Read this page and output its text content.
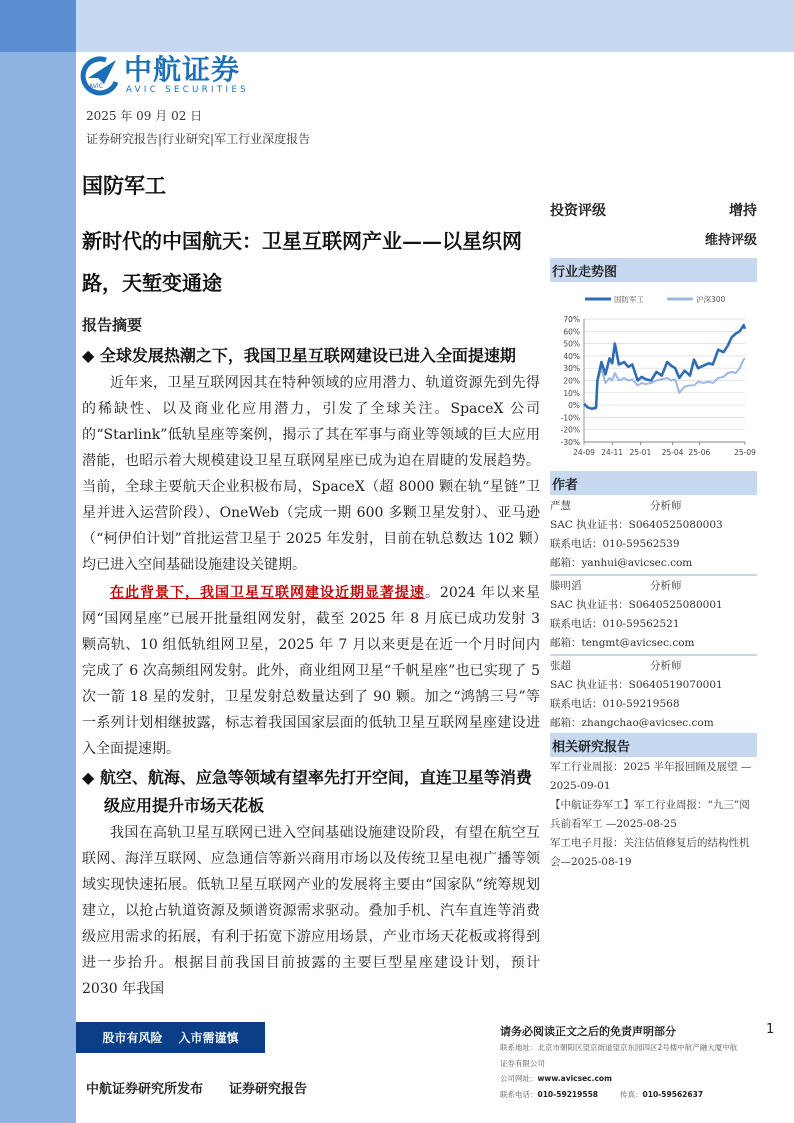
AVIC
中航证券
AVIC SECURITIES
2025 年 09 月 02 日
证券研究报告|行业研究|军工行业深度报告
国防军工
新时代的中国航天：卫星互联网产业——以星织网路，天堑变通途
报告摘要
◆ 全球发展热潮之下，我国卫星互联网建设已进入全面提速期
近年来，卫星互联网因其在特种领域的应用潜力、轨道资源先到先得的稀缺性、以及商业化应用潜力，引发了全球关注。SpaceX 公司的“Starlink”低轨星座等案例，揭示了其在军事与商业等领域的巨大应用潜能，也昭示着大规模建设卫星互联网星座已成为迫在眉睫的发展趋势。当前，全球主要航天企业积极布局，SpaceX（超 8000 颗在轨“星链”卫星并进入运营阶段）、OneWeb（完成一期 600 多颗卫星发射）、亚马逊（“柯伊伯计划”首批运营卫星于 2025 年发射，目前在轨总数达 102 颗）均已进入空间基础设施建设关键期。
在此背景下，我国卫星互联网建设近期显著提速。2024 年以来星网“国网星座”已展开批量组网发射，截至 2025 年 8 月底已成功发射 3 颗高轨、10 组低轨组网卫星，2025 年 7 月以来更是在近一个月时间内完成了 6 次高频组网发射。此外，商业组网卫星“千帆星座”也已实现了 5 次一箭 18 星的发射，卫星发射总数量达到了 90 颗。加之“鸿鹄三号”等一系列计划相继披露，标志着我国国家层面的低轨卫星互联网星座建设进入全面提速期。
◆ 航空、航海、应急等领域有望率先打开空间，直连卫星等消费级应用提升市场天花板
我国在高轨卫星互联网已进入空间基础设施建设阶段，有望在航空互联网、海洋互联网、应急通信等新兴商用市场以及传统卫星电视广播等领域实现快速拓展。低轨卫星互联网产业的发展将主要由“国家队”统筹规划建立，以抢占轨道资源及频谱资源需求驱动。叠加手机、汽车直连等消费级应用需求的拓展，有利于拓宽下游应用场景，产业市场天花板或将得到进一步抬升。根据目前我国目前披露的主要巨型星座建设计划，预计 2030 年我国
投资评级	增持
维持评级
行业走势图
-30%
-20%
-10%
0%
10%
20%
30%
40%
50%
60%
70%
24-09 24-11 25-01 25-04 25-06	25-09
国防军工	沪深300
作者
严慧	分析师
SAC 执业证书：S0640525080003
联系电话：010-59562539
邮箱：yanhui@avicsec.com
滕明滔	分析师
SAC 执业证书：S0640525080001
联系电话：010-59562521
邮箱：tengmt@avicsec.com
张超	分析师
SAC 执业证书：S0640519070001
联系电话：010-59219568
邮箱：zhangchao@avicsec.com
相关研究报告
军工行业周报：2025 半年报回顾及展望 —2025-09-01
【中航证券军工】军工行业周报：“九三”阅兵前看军工 —2025-08-25
军工电子月报：关注估值修复后的结构性机会—2025-08-19
股市有风险 入市需谨慎
中航证券研究所发布 证券研究报告
请务必阅读正文之后的免责声明部分	1
联系地址：北京市朝阳区望京街道望京东园四区2号楼中航产融大厦中航证券有限公司
公司网址：www.avicsec.com
联系电话：010-59219558	传真：010-59562637
